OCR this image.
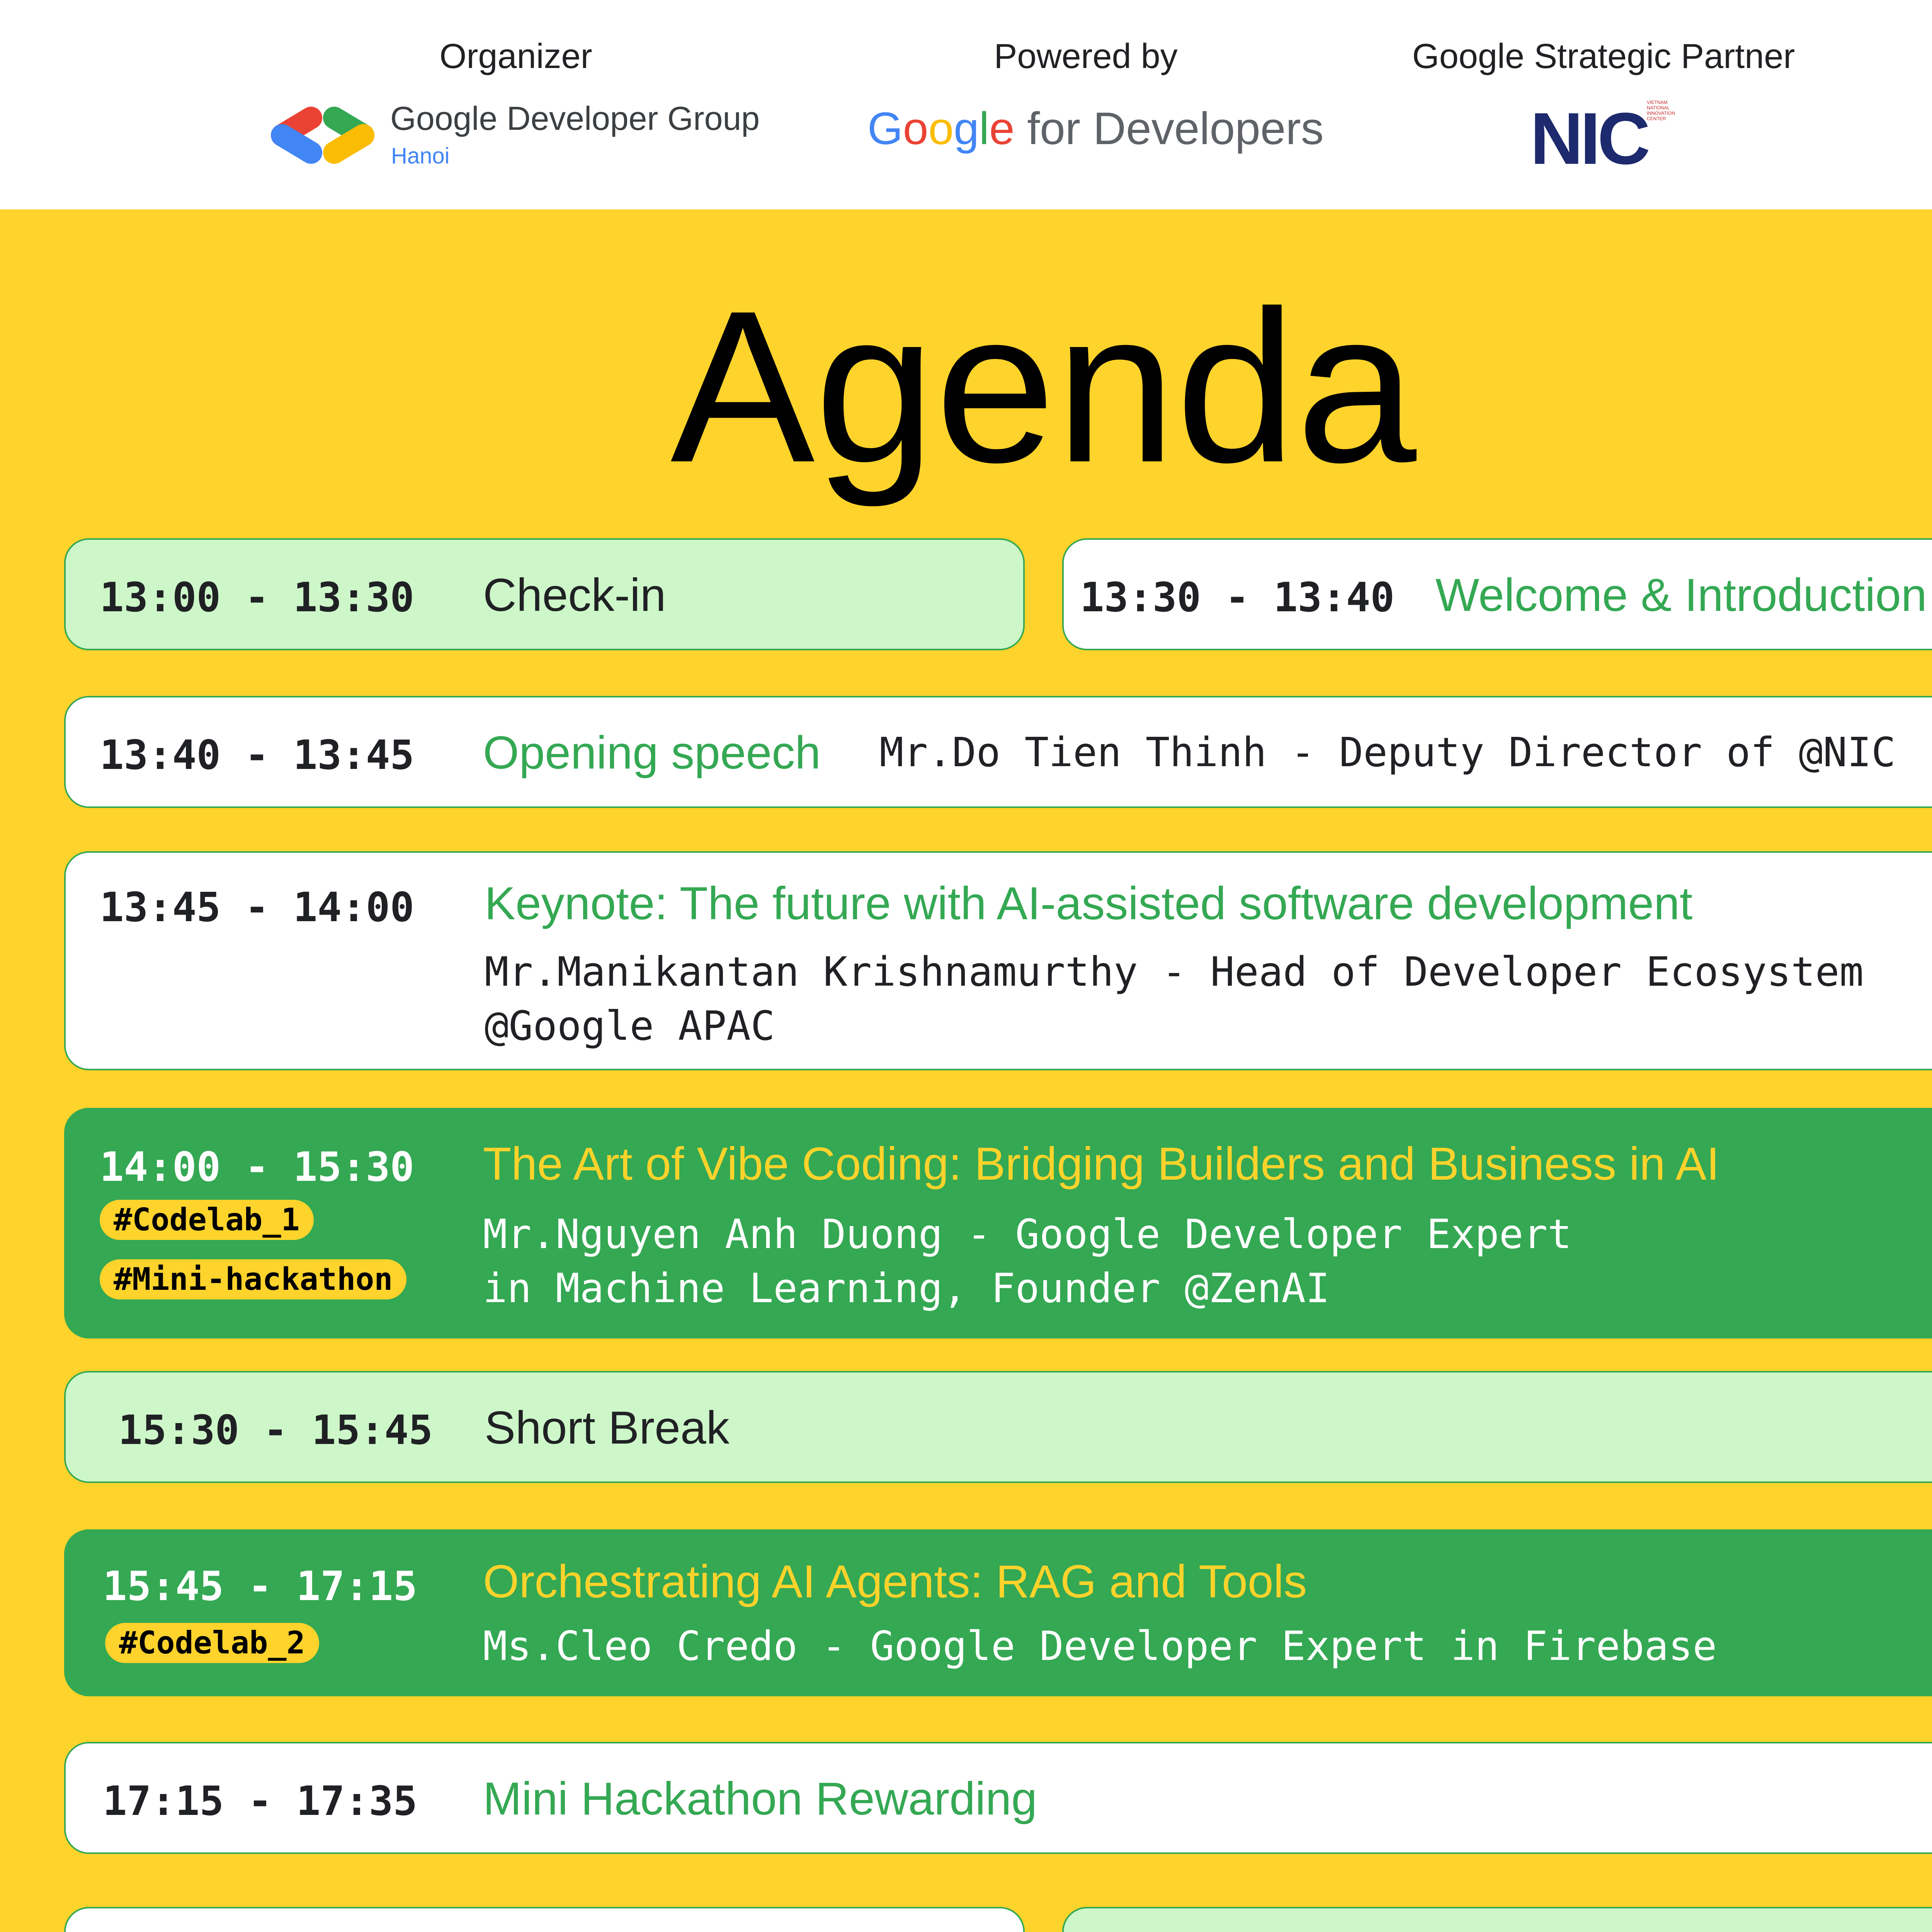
Organizer
Google Developer Group
Hanoi
Powered by
Google for Developers
Google Strategic Partner
NIC
VIETNAM NATIONAL INNOVATION CENTER
Agenda
13:00 - 13:30 Check-in	13:30 - 13:40 Welcome & Introduction
13:40 - 13:45 Opening speech Mr.Do Tien Thinh - Deputy Director of @NIC
13:45 - 14:00 Keynote: The future with AI-assisted software development
Mr.Manikantan Krishnamurthy - Head of Developer Ecosystem
@Google APAC
14:00 - 15:30
#Codelab_1
#Mini-hackathon
The Art of Vibe Coding: Bridging Builders and Business in AI
Mr.Nguyen Anh Duong - Google Developer Expert
in Machine Learning, Founder @ZenAI
15:30 - 15:45 Short Break
15:45 - 17:15
#Codelab_2
Orchestrating AI Agents: RAG and Tools
Ms.Cleo Credo - Google Developer Expert in Firebase
17:15 - 17:35 Mini Hackathon Rewarding
